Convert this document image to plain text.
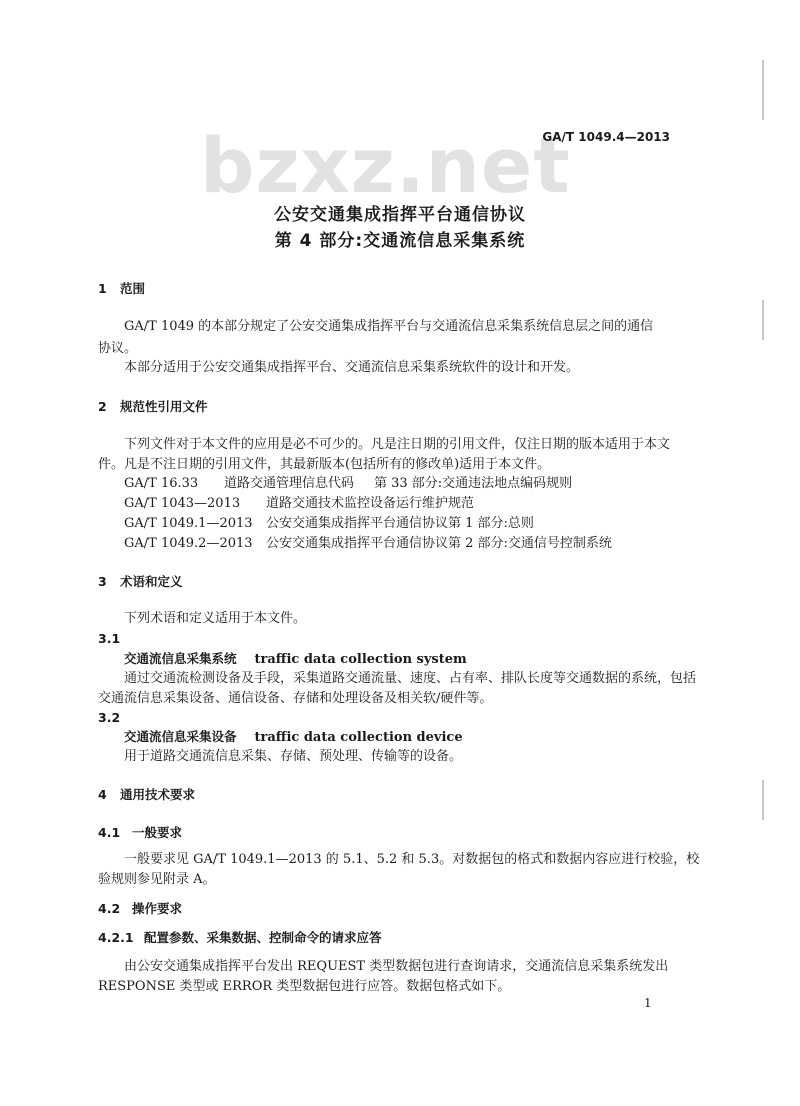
bzxz.net
GA/T 1049.4—2013
公安交通集成指挥平台通信协议
第 4 部分:交通流信息采集系统
1 范围
GA/T 1049 的本部分规定了公安交通集成指挥平台与交通流信息采集系统信息层之间的通信
协议。
本部分适用于公安交通集成指挥平台、交通流信息采集系统软件的设计和开发。
2 规范性引用文件
下列文件对于本文件的应用是必不可少的。凡是注日期的引用文件，仅注日期的版本适用于本文
件。凡是不注日期的引用文件，其最新版本(包括所有的修改单)适用于本文件。
GA/T 16.33 道路交通管理信息代码 第 33 部分:交通违法地点编码规则
GA/T 1043—2013 道路交通技术监控设备运行维护规范
GA/T 1049.1—2013 公安交通集成指挥平台通信协议第 1 部分:总则
GA/T 1049.2—2013 公安交通集成指挥平台通信协议第 2 部分:交通信号控制系统
3 术语和定义
下列术语和定义适用于本文件。
3.1
交通流信息采集系统 traffic data collection system
通过交通流检测设备及手段，采集道路交通流量、速度、占有率、排队长度等交通数据的系统，包括
交通流信息采集设备、通信设备、存储和处理设备及相关软/硬件等。
3.2
交通流信息采集设备 traffic data collection device
用于道路交通流信息采集、存储、预处理、传输等的设备。
4 通用技术要求
4.1 一般要求
一般要求见 GA/T 1049.1—2013 的 5.1、5.2 和 5.3。对数据包的格式和数据内容应进行校验，校
验规则参见附录 A。
4.2 操作要求
4.2.1 配置参数、采集数据、控制命令的请求应答
由公安交通集成指挥平台发出 REQUEST 类型数据包进行查询请求，交通流信息采集系统发出
RESPONSE 类型或 ERROR 类型数据包进行应答。数据包格式如下。
1
